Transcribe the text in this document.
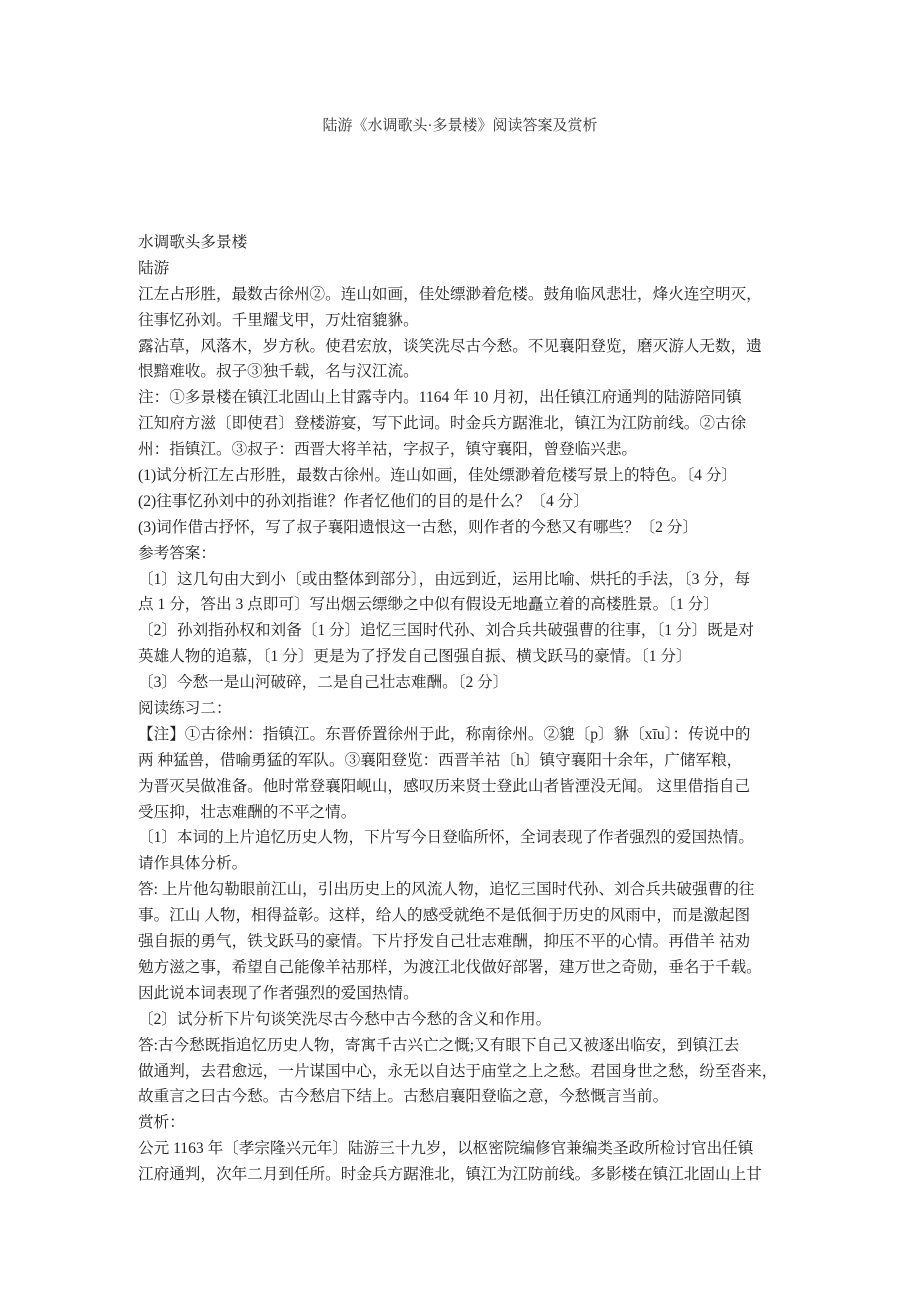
陆游《水调歌头·多景楼》阅读答案及赏析
水调歌头多景楼
陆游
江左占形胜，最数古徐州②。连山如画，佳处缥渺着危楼。鼓角临风悲壮，烽火连空明灭，
往事忆孙刘。千里耀戈甲，万灶宿貔貅。
露沾草，风落木，岁方秋。使君宏放，谈笑洗尽古今愁。不见襄阳登览，磨灭游人无数，遗
恨黯难收。叔子③独千载，名与汉江流。
注：①多景楼在镇江北固山上甘露寺内。1164 年 10 月初，出任镇江府通判的陆游陪同镇
江知府方滋〔即使君〕登楼游宴，写下此词。时金兵方踞淮北，镇江为江防前线。②古徐
州：指镇江。③叔子：西晋大将羊祜，字叔子，镇守襄阳，曾登临兴悲。
(1)试分析江左占形胜，最数古徐州。连山如画，佳处缥渺着危楼写景上的特色。〔4 分〕
(2)往事忆孙刘中的孙刘指谁？作者忆他们的目的是什么？〔4 分〕
(3)词作借古抒怀，写了叔子襄阳遗恨这一古愁，则作者的今愁又有哪些？〔2 分〕
参考答案：
〔1〕这几句由大到小〔或由整体到部分〕，由远到近，运用比喻、烘托的手法，〔3 分，每
点 1 分，答出 3 点即可〕写出烟云缥缈之中似有假设无地矗立着的高楼胜景。〔1 分〕
〔2〕孙刘指孙权和刘备〔1 分〕追忆三国时代孙、刘合兵共破强曹的往事，〔1 分〕既是对
英雄人物的追慕，〔1 分〕更是为了抒发自己图强自振、横戈跃马的豪情。〔1 分〕
〔3〕今愁一是山河破碎，二是自己壮志难酬。〔2 分〕
阅读练习二：
【注】①古徐州：指镇江。东晋侨置徐州于此，称南徐州。②貔〔p〕貅〔xīu〕：传说中的
两 种猛兽，借喻勇猛的军队。③襄阳登览：西晋羊祜〔h〕镇守襄阳十余年，广储军粮，
为晋灭吴做准备。他时常登襄阳岘山，感叹历来贤士登此山者皆湮没无闻。 这里借指自己
受压抑，壮志难酬的不平之情。
〔1〕本词的上片追忆历史人物，下片写今日登临所怀，全词表现了作者强烈的爱国热情。
请作具体分析。
答: 上片他勾勒眼前江山，引出历史上的风流人物，追忆三国时代孙、刘合兵共破强曹的往
事。江山 人物，相得益彰。这样，给人的感受就绝不是低徊于历史的风雨中，而是激起图
强自振的勇气，铁戈跃马的豪情。下片抒发自己壮志难酬，抑压不平的心情。再借羊 祜劝
勉方滋之事，希望自己能像羊祜那样，为渡江北伐做好部署，建万世之奇勋，垂名于千载。
因此说本词表现了作者强烈的爱国热情。
〔2〕试分析下片句谈笑洗尽古今愁中古今愁的含义和作用。
答:古今愁既指追忆历史人物，寄寓千古兴亡之慨;又有眼下自己又被逐出临安，到镇江去
做通判，去君愈远，一片谋国中心，永无以自达于庙堂之上之愁。君国身世之愁，纷至沓来，
故重言之曰古今愁。古今愁启下结上。古愁启襄阳登临之意，今愁慨言当前。
赏析：
公元 1163 年〔孝宗隆兴元年〕陆游三十九岁，以枢密院编修官兼编类圣政所检讨官出任镇
江府通判，次年二月到任所。时金兵方踞淮北，镇江为江防前线。多影楼在镇江北固山上甘
